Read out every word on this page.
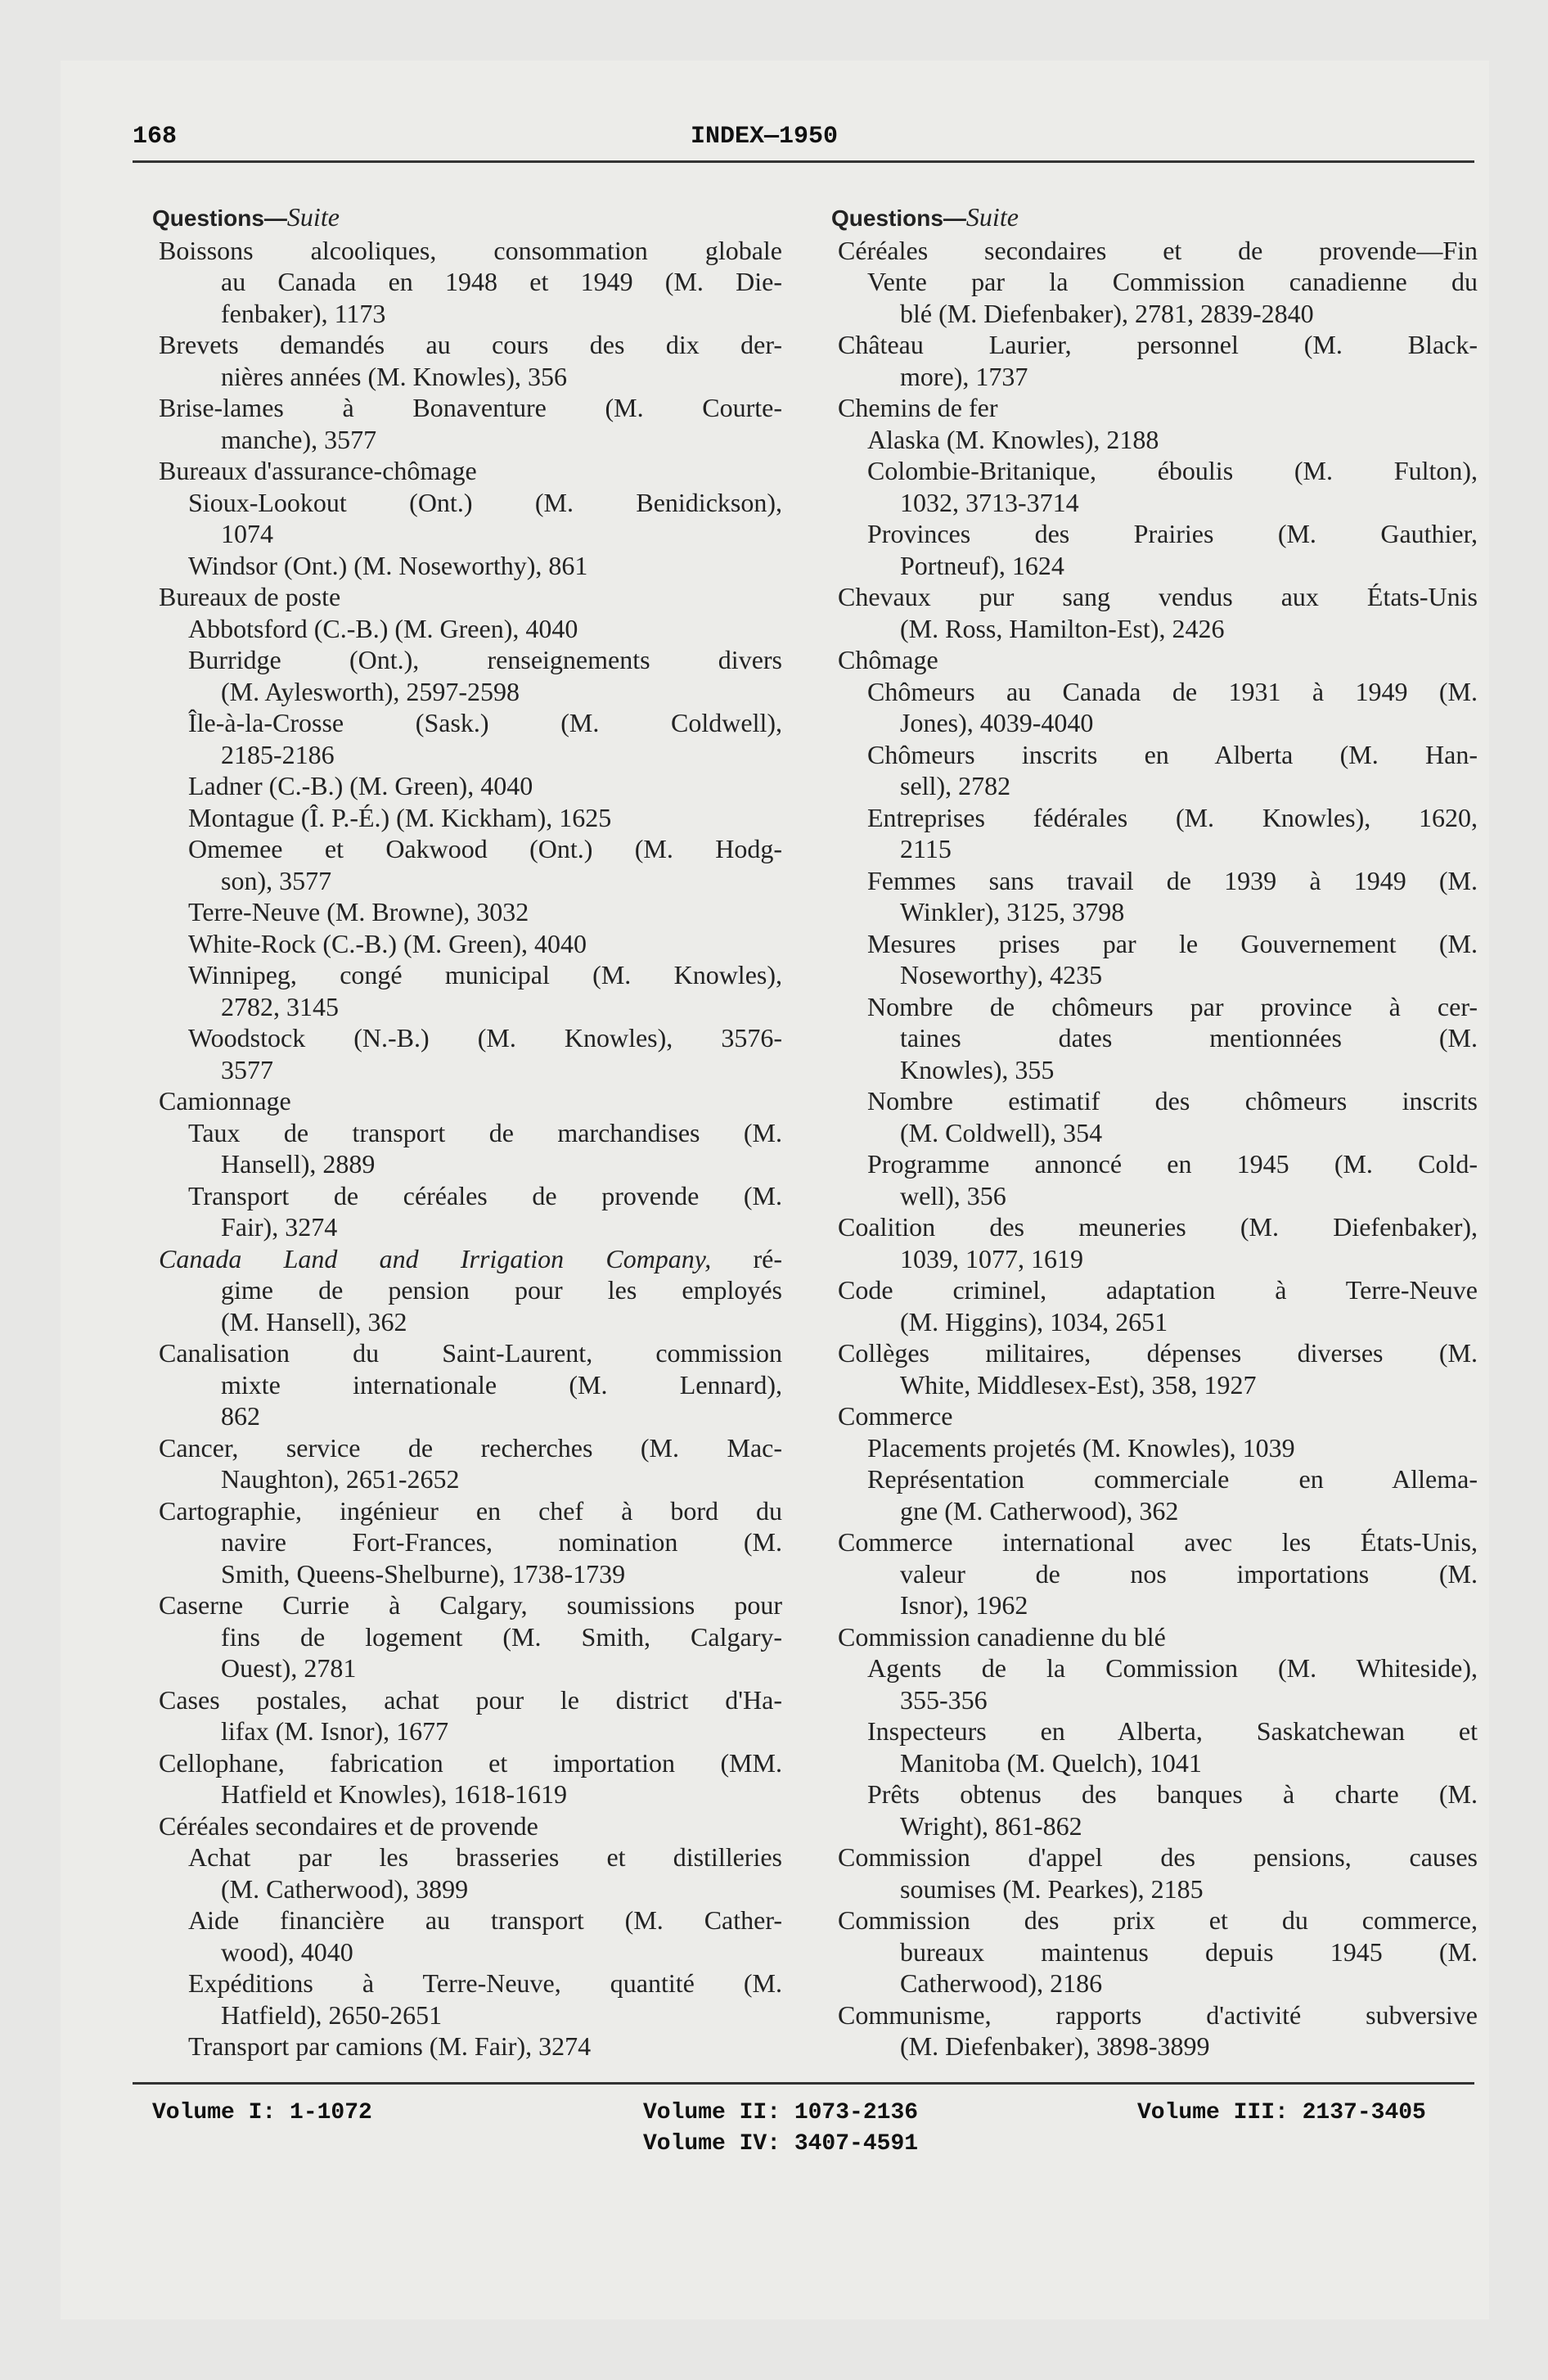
168	INDEX—1950
Questions—Suite
Boissons alcooliques, consommation globale
au Canada en 1948 et 1949 (M. Die-
fenbaker), 1173
Brevets demandés au cours des dix der-
nières années (M. Knowles), 356
Brise-lames à Bonaventure (M. Courte-
manche), 3577
Bureaux d'assurance-chômage
Sioux-Lookout (Ont.) (M. Benidickson),
1074
Windsor (Ont.) (M. Noseworthy), 861
Bureaux de poste
Abbotsford (C.-B.) (M. Green), 4040
Burridge (Ont.), renseignements divers
(M. Aylesworth), 2597-2598
Île-à-la-Crosse (Sask.) (M. Coldwell),
2185-2186
Ladner (C.-B.) (M. Green), 4040
Montague (Î. P.-É.) (M. Kickham), 1625
Omemee et Oakwood (Ont.) (M. Hodg-
son), 3577
Terre-Neuve (M. Browne), 3032
White-Rock (C.-B.) (M. Green), 4040
Winnipeg, congé municipal (M. Knowles),
2782, 3145
Woodstock (N.-B.) (M. Knowles), 3576-
3577
Camionnage
Taux de transport de marchandises (M.
Hansell), 2889
Transport de céréales de provende (M.
Fair), 3274
Canada Land and Irrigation Company, ré-
gime de pension pour les employés
(M. Hansell), 362
Canalisation du Saint-Laurent, commission
mixte internationale (M. Lennard),
862
Cancer, service de recherches (M. Mac-
Naughton), 2651-2652
Cartographie, ingénieur en chef à bord du
navire Fort-Frances, nomination (M.
Smith, Queens-Shelburne), 1738-1739
Caserne Currie à Calgary, soumissions pour
fins de logement (M. Smith, Calgary-
Ouest), 2781
Cases postales, achat pour le district d'Ha-
lifax (M. Isnor), 1677
Cellophane, fabrication et importation (MM.
Hatfield et Knowles), 1618-1619
Céréales secondaires et de provende
Achat par les brasseries et distilleries
(M. Catherwood), 3899
Aide financière au transport (M. Cather-
wood), 4040
Expéditions à Terre-Neuve, quantité (M.
Hatfield), 2650-2651
Transport par camions (M. Fair), 3274
Questions—Suite
Céréales secondaires et de provende—Fin
Vente par la Commission canadienne du
blé (M. Diefenbaker), 2781, 2839-2840
Château Laurier, personnel (M. Black-
more), 1737
Chemins de fer
Alaska (M. Knowles), 2188
Colombie-Britanique, éboulis (M. Fulton),
1032, 3713-3714
Provinces des Prairies (M. Gauthier,
Portneuf), 1624
Chevaux pur sang vendus aux États-Unis
(M. Ross, Hamilton-Est), 2426
Chômage
Chômeurs au Canada de 1931 à 1949 (M.
Jones), 4039-4040
Chômeurs inscrits en Alberta (M. Han-
sell), 2782
Entreprises fédérales (M. Knowles), 1620,
2115
Femmes sans travail de 1939 à 1949 (M.
Winkler), 3125, 3798
Mesures prises par le Gouvernement (M.
Noseworthy), 4235
Nombre de chômeurs par province à cer-
taines dates mentionnées (M.
Knowles), 355
Nombre estimatif des chômeurs inscrits
(M. Coldwell), 354
Programme annoncé en 1945 (M. Cold-
well), 356
Coalition des meuneries (M. Diefenbaker),
1039, 1077, 1619
Code criminel, adaptation à Terre-Neuve
(M. Higgins), 1034, 2651
Collèges militaires, dépenses diverses (M.
White, Middlesex-Est), 358, 1927
Commerce
Placements projetés (M. Knowles), 1039
Représentation commerciale en Allema-
gne (M. Catherwood), 362
Commerce international avec les États-Unis,
valeur de nos importations (M.
Isnor), 1962
Commission canadienne du blé
Agents de la Commission (M. Whiteside),
355-356
Inspecteurs en Alberta, Saskatchewan et
Manitoba (M. Quelch), 1041
Prêts obtenus des banques à charte (M.
Wright), 861-862
Commission d'appel des pensions, causes
soumises (M. Pearkes), 2185
Commission des prix et du commerce,
bureaux maintenus depuis 1945 (M.
Catherwood), 2186
Communisme, rapports d'activité subversive
(M. Diefenbaker), 3898-3899
Volume I: 1-1072	Volume II: 1073-2136	Volume III: 2137-3405
Volume IV: 3407-4591
